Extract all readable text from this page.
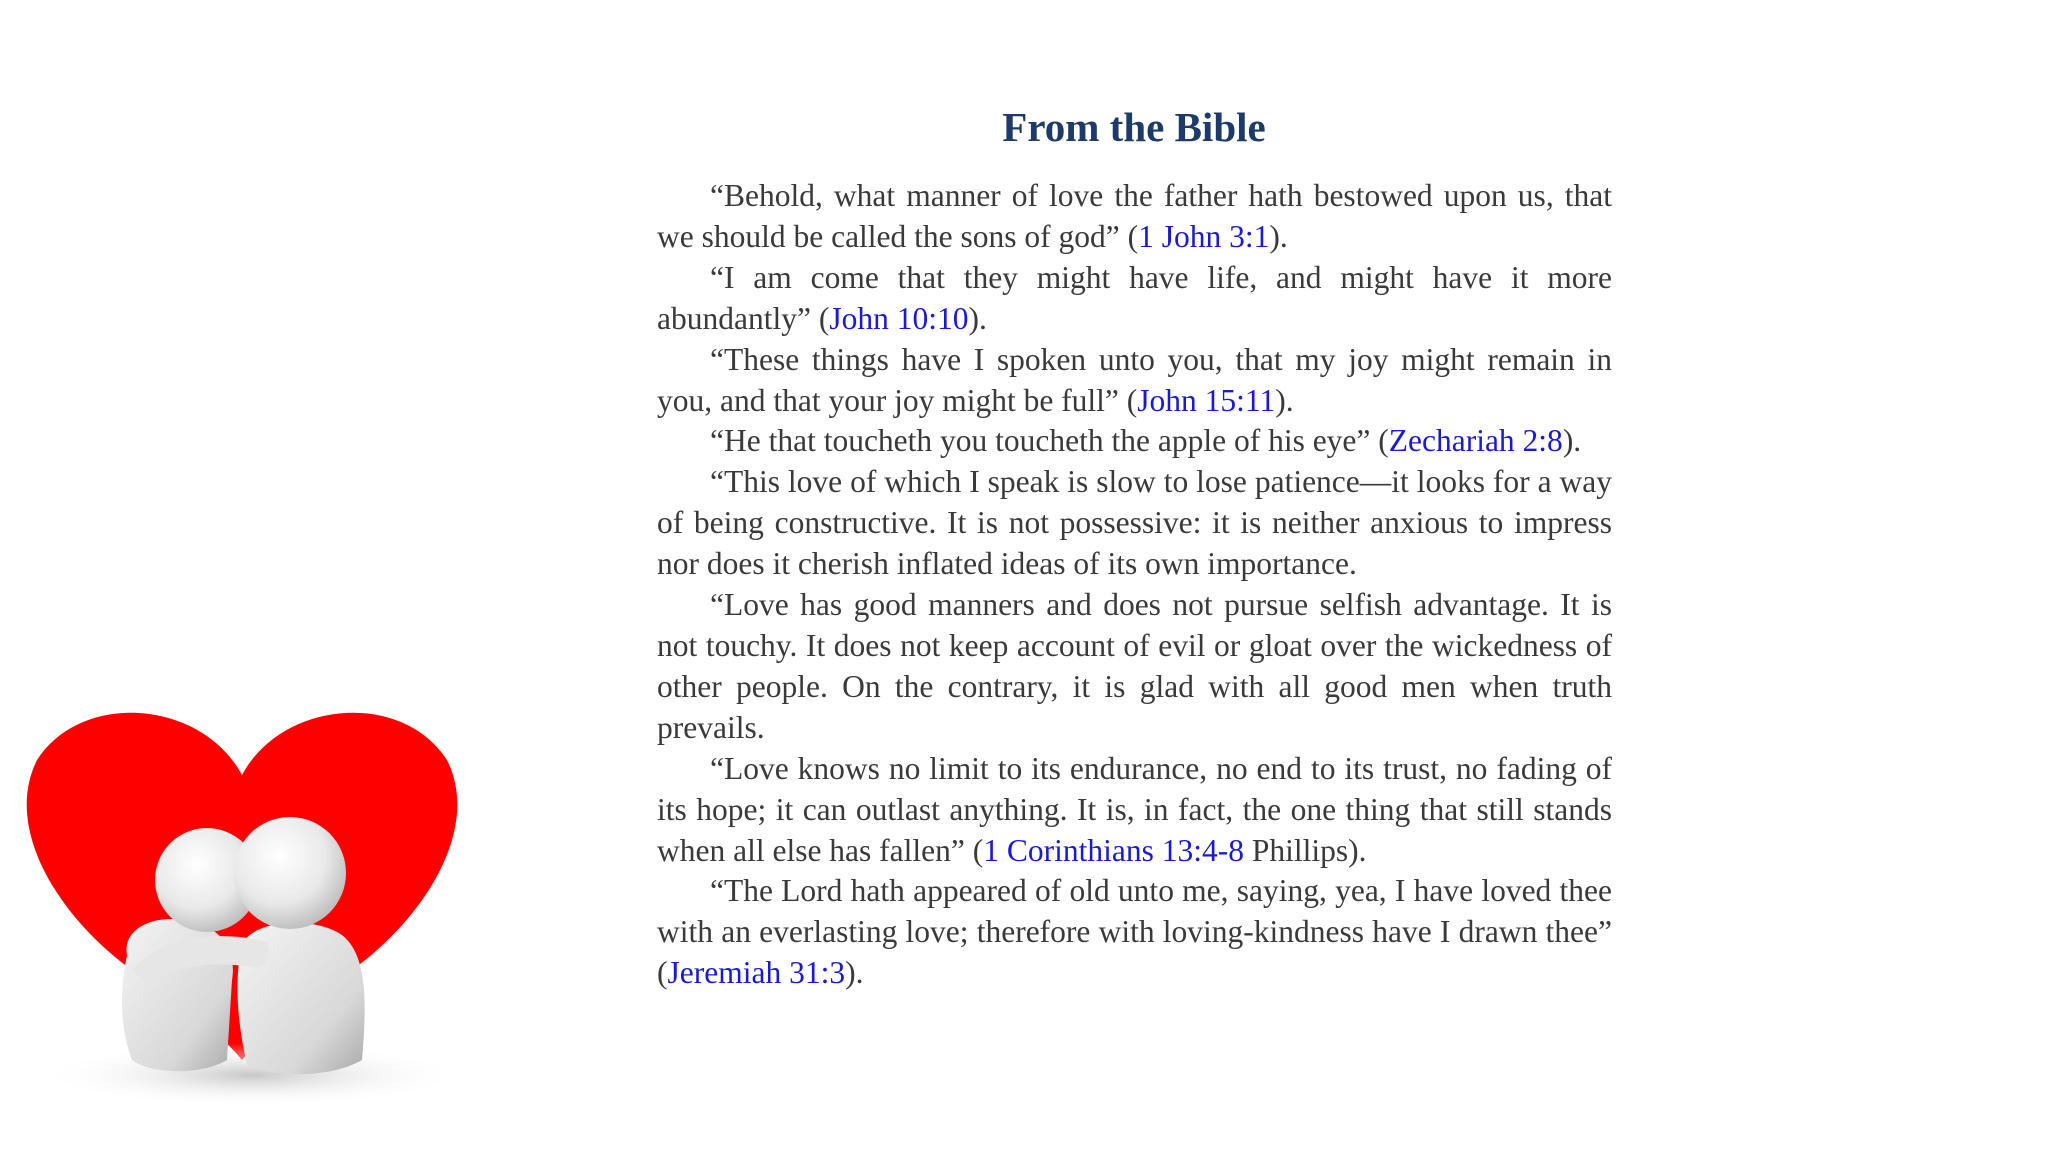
From the Bible

“Behold, what manner of love the father hath bestowed upon us, that we should be called the sons of god” (1 John 3:1).

“I am come that they might have life, and might have it more abundantly” (John 10:10).

“These things have I spoken unto you, that my joy might remain in you, and that your joy might be full” (John 15:11).

“He that toucheth you toucheth the apple of his eye” (Zechariah 2:8).

“This love of which I speak is slow to lose patience—it looks for a way of being constructive. It is not possessive: it is neither anxious to impress nor does it cherish inflated ideas of its own importance.

“Love has good manners and does not pursue selfish advantage. It is not touchy. It does not keep account of evil or gloat over the wickedness of other people. On the contrary, it is glad with all good men when truth prevails.

“Love knows no limit to its endurance, no end to its trust, no fading of its hope; it can outlast anything. It is, in fact, the one thing that still stands when all else has fallen” (1 Corinthians 13:4-8 Phillips).

“The Lord hath appeared of old unto me, saying, yea, I have loved thee with an everlasting love; therefore with loving-kindness have I drawn thee” (Jeremiah 31:3).
